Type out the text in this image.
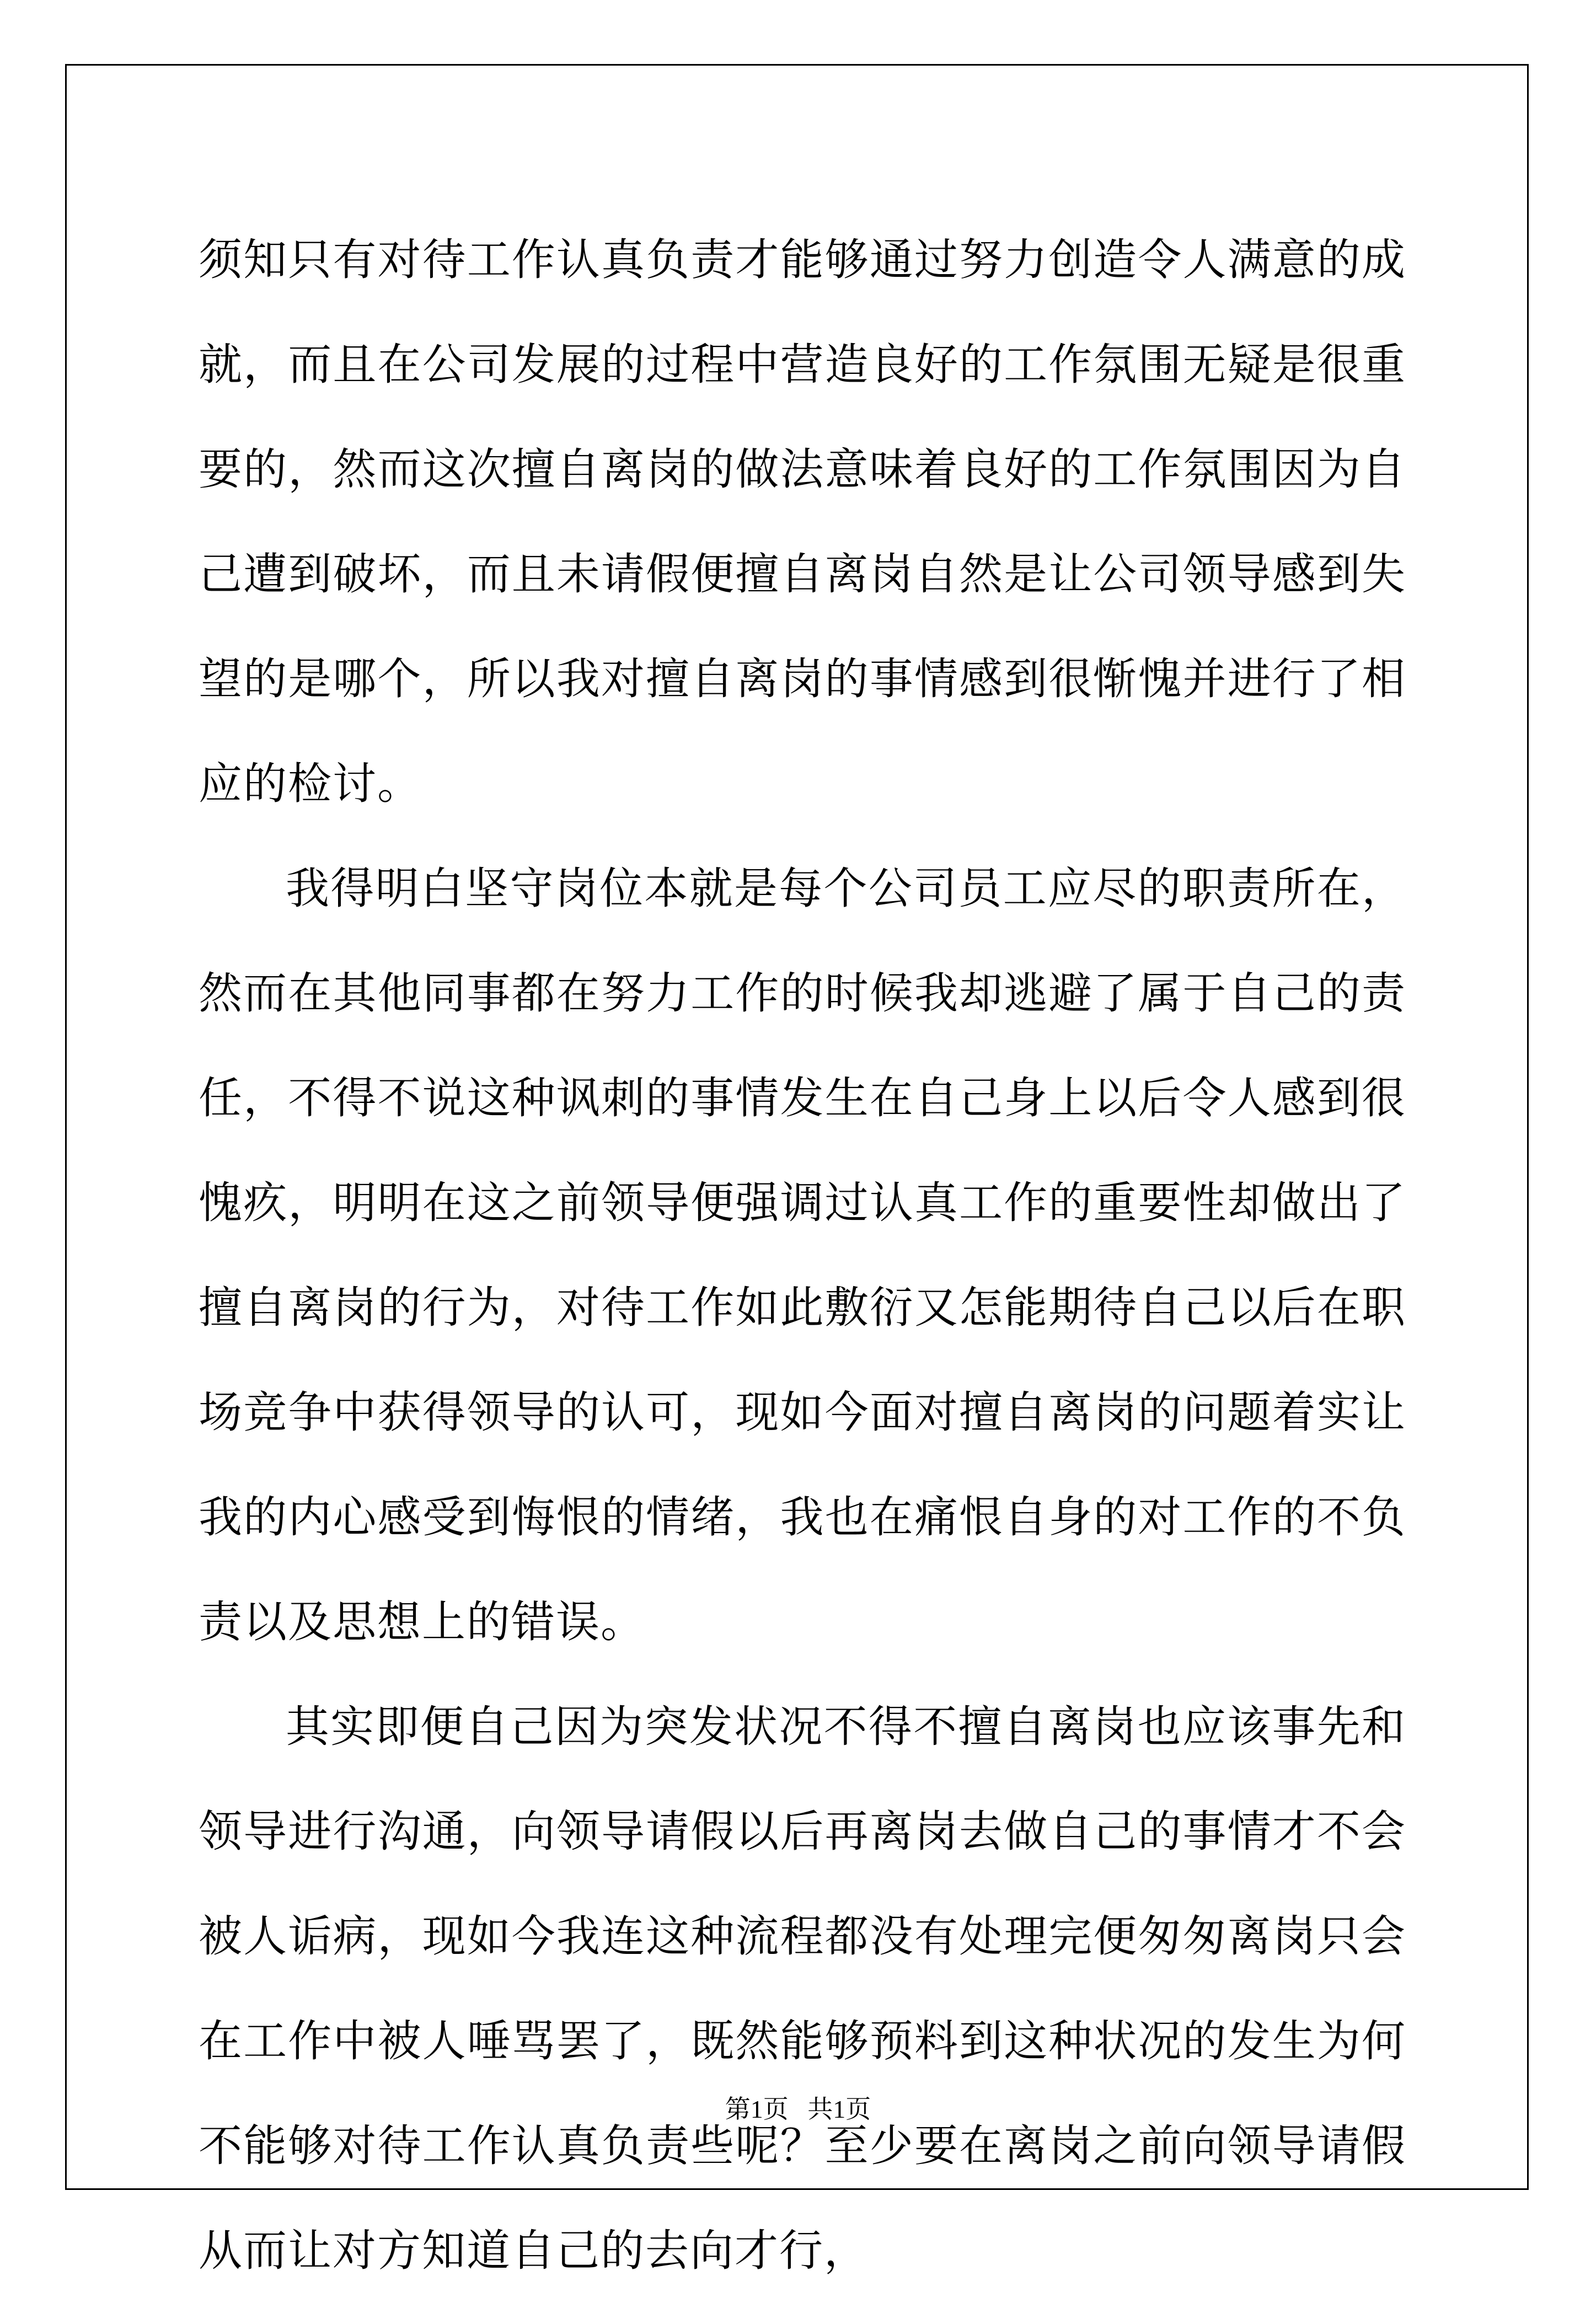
须知只有对待工作认真负责才能够通过努力创造令人满意的成就，而且在公司发展的过程中营造良好的工作氛围无疑是很重要的，然而这次擅自离岗的做法意味着良好的工作氛围因为自己遭到破坏，而且未请假便擅自离岗自然是让公司领导感到失望的是哪个，所以我对擅自离岗的事情感到很惭愧并进行了相应的检讨。

我得明白坚守岗位本就是每个公司员工应尽的职责所在，然而在其他同事都在努力工作的时候我却逃避了属于自己的责任，不得不说这种讽刺的事情发生在自己身上以后令人感到很愧疚，明明在这之前领导便强调过认真工作的重要性却做出了擅自离岗的行为，对待工作如此敷衍又怎能期待自己以后在职场竞争中获得领导的认可，现如今面对擅自离岗的问题着实让我的内心感受到悔恨的情绪，我也在痛恨自身的对工作的不负责以及思想上的错误。

其实即便自己因为突发状况不得不擅自离岗也应该事先和领导进行沟通，向领导请假以后再离岗去做自己的事情才不会被人诟病，现如今我连这种流程都没有处理完便匆匆离岗只会在工作中被人唾骂罢了，既然能够预料到这种状况的发生为何不能够对待工作认真负责些呢？至少要在离岗之前向领导请假从而让对方知道自己的去向才行，

第1页 共1页
